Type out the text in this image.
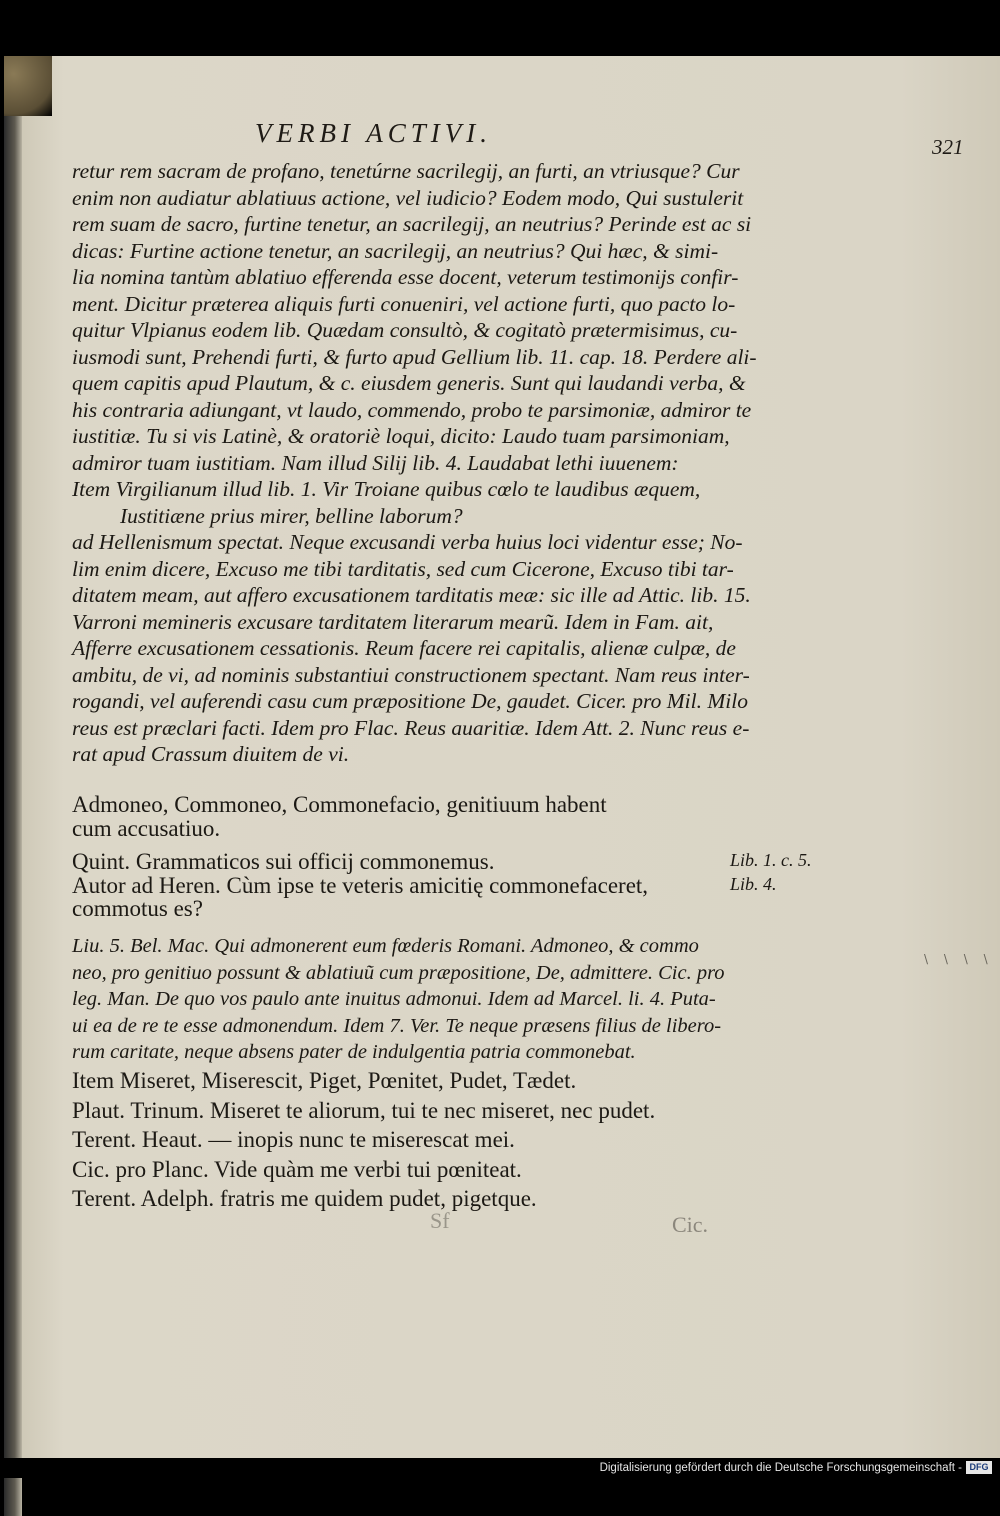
VERBI ACTIVI.	321
retur rem sacram de profano, tenetúrne sacrilegij, an furti, an vtriusque? Cur
enim non audiatur ablatiuus actione, vel iudicio? Eodem modo, Qui sustulerit
rem suam de sacro, furtine tenetur, an sacrilegij, an neutrius? Perinde est ac si
dicas: Furtine actione tenetur, an sacrilegij, an neutrius? Qui hæc, & simi-
lia nomina tantùm ablatiuo efferenda esse docent, veterum testimonijs confir-
ment. Dicitur præterea aliquis furti conueniri, vel actione furti, quo pacto lo-
quitur Vlpianus eodem lib. Quædam consultò, & cogitatò prætermisimus, cu-
iusmodi sunt, Prehendi furti, & furto apud Gellium lib. 11. cap. 18. Perdere ali-
quem capitis apud Plautum, & c. eiusdem generis. Sunt qui laudandi verba, &
his contraria adiungant, vt laudo, commendo, probo te parsimoniæ, admiror te
iustitiæ. Tu si vis Latinè, & oratoriè loqui, dicito: Laudo tuam parsimoniam,
admiror tuam iustitiam. Nam illud Silij lib. 4. Laudabat lethi iuuenem:
Item Virgilianum illud lib. 1. Vir Troiane quibus cœlo te laudibus æquem,
Iustitiæne prius mirer, belline laborum?
ad Hellenismum spectat. Neque excusandi verba huius loci videntur esse; No-
lim enim dicere, Excuso me tibi tarditatis, sed cum Cicerone, Excuso tibi tar-
ditatem meam, aut affero excusationem tarditatis meæ: sic ille ad Attic. lib. 15.
Varroni memineris excusare tarditatem literarum mearũ. Idem in Fam. ait,
Afferre excusationem cessationis. Reum facere rei capitalis, alienæ culpæ, de
ambitu, de vi, ad nominis substantiui constructionem spectant. Nam reus inter-
rogandi, vel auferendi casu cum præpositione De, gaudet. Cicer. pro Mil. Milo
reus est præclari facti. Idem pro Flac. Reus auaritiæ. Idem Att. 2. Nunc reus e-
rat apud Crassum diuitem de vi.
Admoneo, Commoneo, Commonefacio, genitiuum habent
cum accusatiuo.
Quint. Grammaticos sui officij commonemus.
Autor ad Heren. Cùm ipse te veteris amicitię commonefaceret,
commotus es?
Lib. 1. c. 5.
Lib. 4.
Liu. 5. Bel. Mac. Qui admonerent eum fœderis Romani. Admoneo, & commo
neo, pro genitiuo possunt & ablatiuũ cum præpositione, De, admittere. Cic. pro
leg. Man. De quo vos paulo ante inuitus admonui. Idem ad Marcel. li. 4. Puta-
ui ea de re te esse admonendum. Idem 7. Ver. Te neque præsens filius de libero-
rum caritate, neque absens pater de indulgentia patria commonebat.
\ \ \ \
Item Miseret, Miserescit, Piget, Pœnitet, Pudet, Tædet.
Plaut. Trinum. Miseret te aliorum, tui te nec miseret, nec pudet.
Terent. Heaut. — inopis nunc te miserescat mei.
Cic. pro Planc. Vide quàm me verbi tui pœniteat.
Terent. Adelph. fratris me quidem pudet, pigetque.
Sf	Cic.
Digitalisierung gefördert durch die Deutsche Forschungsgemeinschaft - DFG
